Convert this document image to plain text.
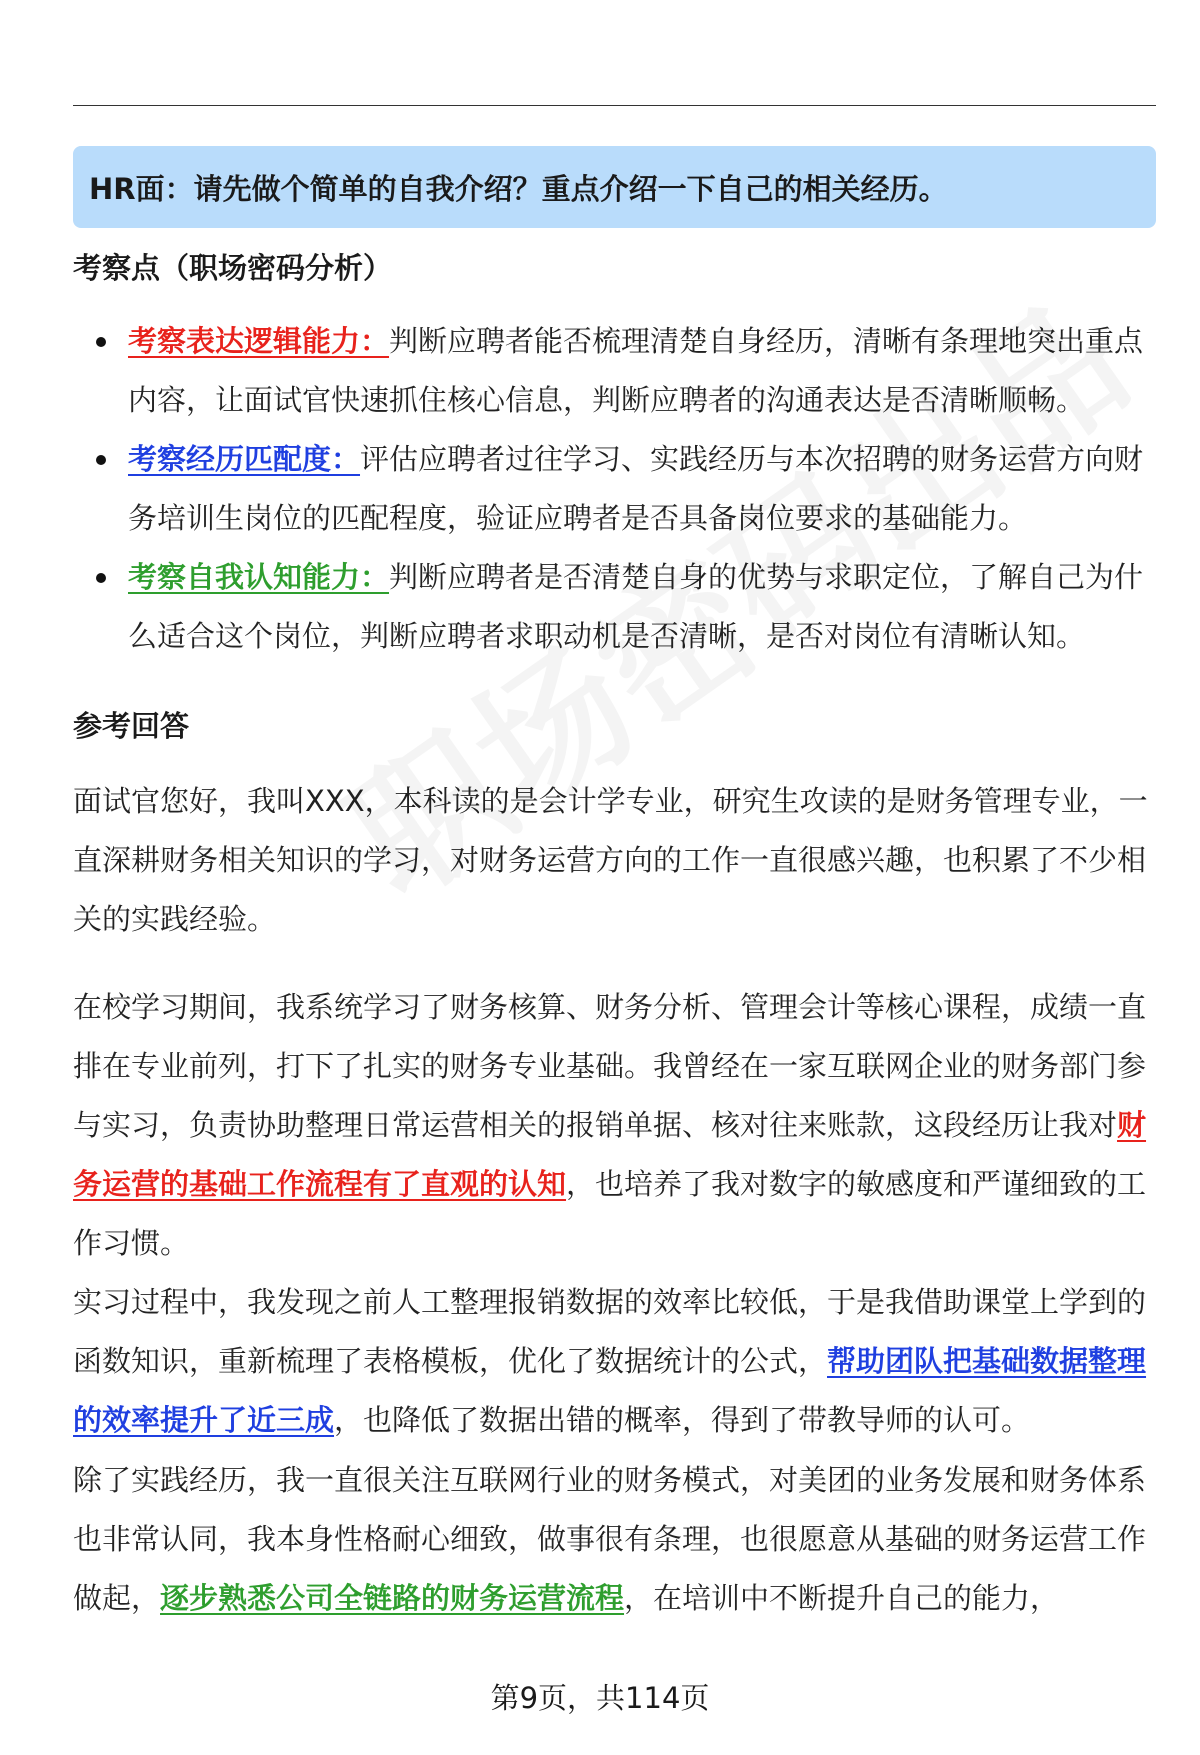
HR面：请先做个简单的自我介绍？重点介绍一下自己的相关经历。
考察点（职场密码分析）
考察表达逻辑能力：判断应聘者能否梳理清楚自身经历，清晰有条理地突出重点内容，让面试官快速抓住核心信息，判断应聘者的沟通表达是否清晰顺畅。
考察经历匹配度：评估应聘者过往学习、实践经历与本次招聘的财务运营方向财务培训生岗位的匹配程度，验证应聘者是否具备岗位要求的基础能力。
考察自我认知能力：判断应聘者是否清楚自身的优势与求职定位，了解自己为什么适合这个岗位，判断应聘者求职动机是否清晰，是否对岗位有清晰认知。
参考回答

面试官您好，我叫XXX，本科读的是会计学专业，研究生攻读的是财务管理专业，一直深耕财务相关知识的学习，对财务运营方向的工作一直很感兴趣，也积累了不少相关的实践经验。

在校学习期间，我系统学习了财务核算、财务分析、管理会计等核心课程，成绩一直排在专业前列，打下了扎实的财务专业基础。我曾经在一家互联网企业的财务部门参与实习，负责协助整理日常运营相关的报销单据、核对往来账款，这段经历让我对财务运营的基础工作流程有了直观的认知，也培养了我对数字的敏感度和严谨细致的工作习惯。

实习过程中，我发现之前人工整理报销数据的效率比较低，于是我借助课堂上学到的函数知识，重新梳理了表格模板，优化了数据统计的公式，帮助团队把基础数据整理的效率提升了近三成，也降低了数据出错的概率，得到了带教导师的认可。

除了实践经历，我一直很关注互联网行业的财务模式，对美团的业务发展和财务体系也非常认同，我本身性格耐心细致，做事很有条理，也很愿意从基础的财务运营工作做起，逐步熟悉公司全链路的财务运营流程，在培训中不断提升自己的能力，

第9页，共114页
